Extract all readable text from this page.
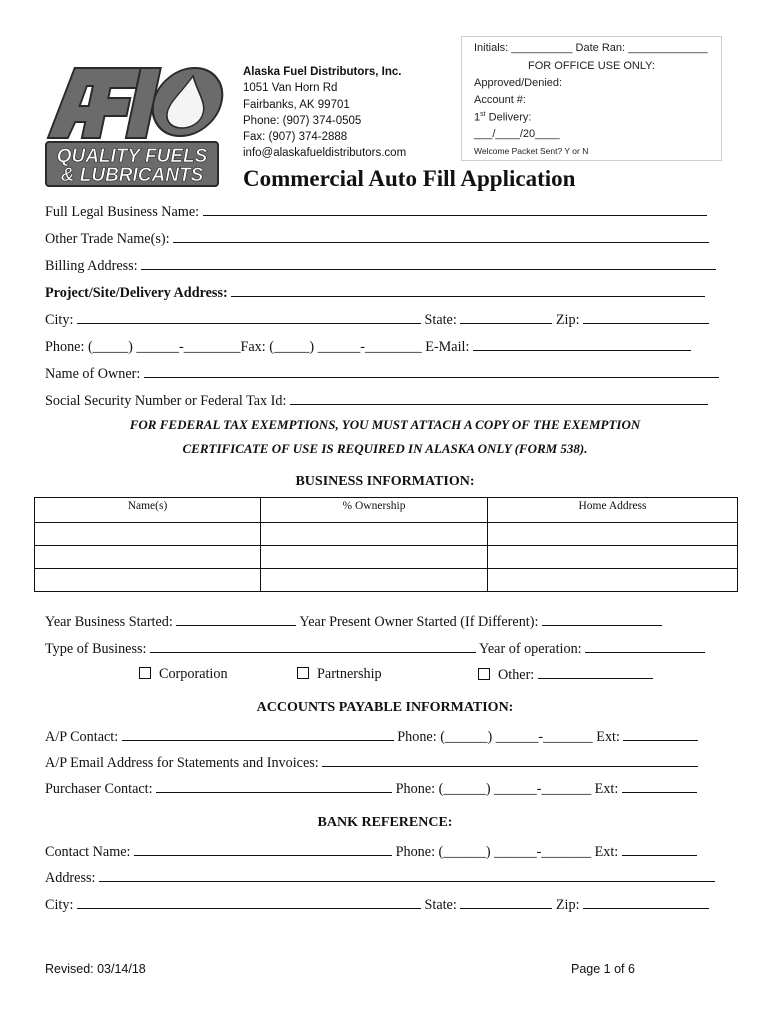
QUALITY FUELS
& LUBRICANTS
Alaska Fuel Distributors, Inc.
1051 Van Horn Rd
Fairbanks, AK 99701
Phone: (907) 374-0505
Fax: (907) 374-2888
info@alaskafueldistributors.com
Initials: __________ Date Ran: _____________
FOR OFFICE USE ONLY:
Approved/Denied:
Account #:
1st Delivery:
___/____/20____
Welcome Packet Sent? Y or N
Commercial Auto Fill Application
Full Legal Business Name:
Other Trade Name(s):
Billing Address:
Project/Site/Delivery Address:
City:	State:	Zip:
Phone: (_____) ______-________Fax: (_____) ______-________ E-Mail:
Name of Owner:
Social Security Number or Federal Tax Id:
FOR FEDERAL TAX EXEMPTIONS, YOU MUST ATTACH A COPY OF THE EXEMPTION
CERTIFICATE OF USE IS REQUIRED IN ALASKA ONLY (FORM 538).
BUSINESS INFORMATION:
Name(s)	% Ownership	Home Address

Year Business Started:	Year Present Owner Started (If Different):
Type of Business:	Year of operation:
Corporation	Partnership	Other:
ACCOUNTS PAYABLE INFORMATION:
A/P Contact:	Phone: (______) ______-_______ Ext:
A/P Email Address for Statements and Invoices:
Purchaser Contact:	Phone: (______) ______-_______ Ext:
BANK REFERENCE:
Contact Name:	Phone: (______) ______-_______ Ext:
Address:
City:	State:	Zip:
Revised: 03/14/18	Page 1 of 6
